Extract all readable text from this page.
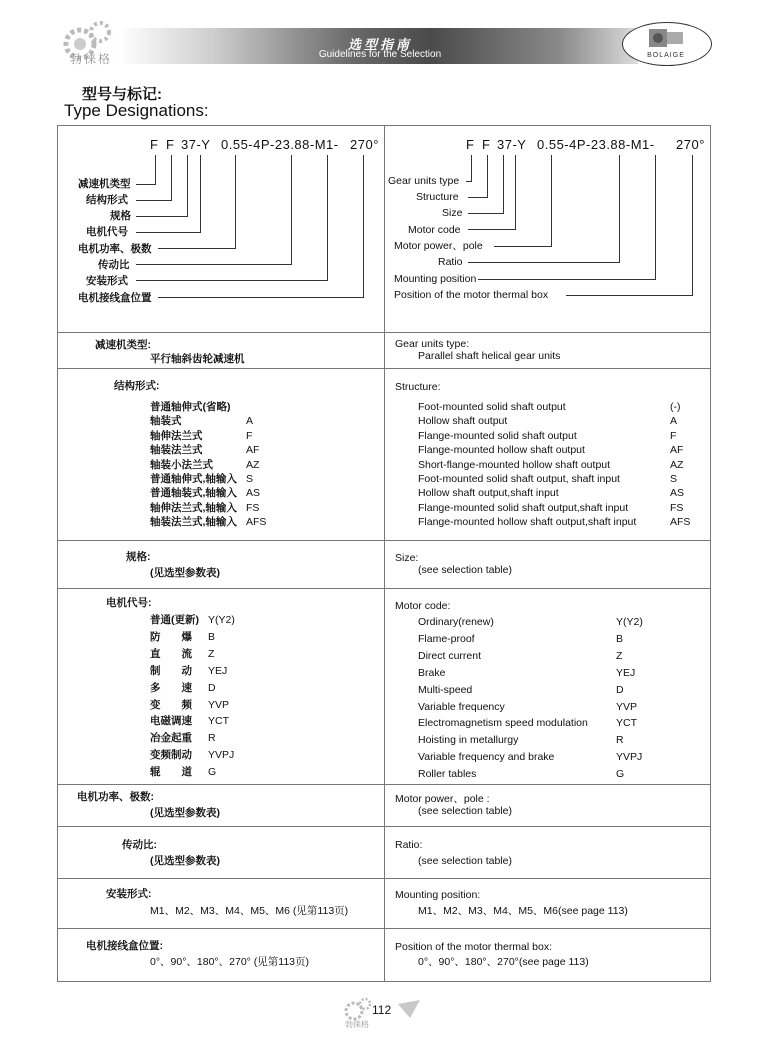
勃徕格
选型指南
Guidelines for the Selection	BOLAIGE
型号与标记:
Type Designations:
F F 37-Y 0.55-4P-23.88-M1- 270°
减速机类型
结构形式
规格
电机代号
电机功率、极数
传动比
安装形式
电机接线盒位置
F F 37-Y 0.55-4P-23.88-M1- 270°
Gear units type
Structure
Size
Motor code
Motor power、pole
Ratio
Mounting position
Position of the motor thermal box
减速机类型:
平行轴斜齿轮减速机
Gear units type:
Parallel shaft helical gear units
结构形式:	Structure:
普通轴伸式(省略)	Foot-mounted solid shaft output	(-)
轴装式	A	Hollow shaft output	A
轴伸法兰式	F	Flange-mounted solid shaft output	F
轴装法兰式	AF	Flange-mounted hollow shaft output	AF
轴装小法兰式	AZ	Short-flange-mounted hollow shaft output	AZ
普通轴伸式,轴输入 S	Foot-mounted solid shaft output, shaft input	S
普通轴装式,轴输入 AS	Hollow shaft output,shaft input	AS
轴伸法兰式,轴输入 FS	Flange-mounted solid shaft output,shaft input	FS
轴装法兰式,轴输入 AFS	Flange-mounted hollow shaft output,shaft input	AFS
规格:
(见选型参数表)
Size:
(see selection table)
电机代号:	Motor code:
普通(更新) Y(Y2)	Ordinary(renew)	Y(Y2)
防　　爆 B	Flame-proof	B
直　　流 Z	Direct current	Z
制　　动 YEJ	Brake	YEJ
多　　速 D	Multi-speed	D
变　　频 YVP	Variable frequency	YVP
电磁调速 YCT	Electromagnetism speed modulation	YCT
冶金起重 R	Hoisting in metallurgy	R
变频制动 YVPJ	Variable frequency and brake	YVPJ
辊　　道 G	Roller tables	G
电机功率、极数:
(见选型参数表)
Motor power、pole :
(see selection table)
传动比:
(见选型参数表)
Ratio:
(see selection table)
安装形式:
M1、M2、M3、M4、M5、M6 (见第113页)
Mounting position:
M1、M2、M3、M4、M5、M6(see page 113)
电机接线盒位置:
0°、90°、180°、270° (见第113页)
Position of the motor thermal box:
0°、90°、180°、270°(see page 113)
勃徕格
112
